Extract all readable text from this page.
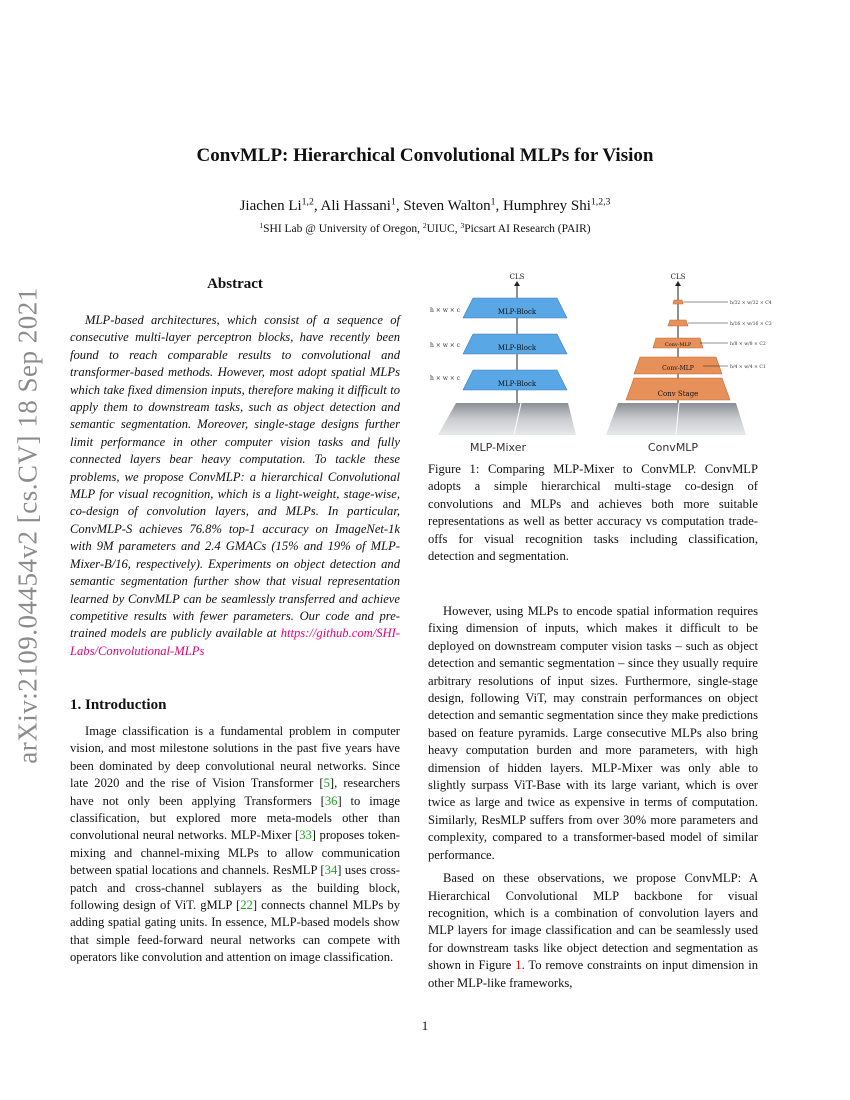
arXiv:2109.04454v2 [cs.CV] 18 Sep 2021
ConvMLP: Hierarchical Convolutional MLPs for Vision
Jiachen Li$^{1,2}$, Ali Hassani$^1$, Steven Walton$^1$, Humphrey Shi$^{1,2,3}$
$^1$SHI Lab @ University of Oregon, $^2$UIUC, $^3$Picsart AI Research (PAIR)
Abstract

MLP-based architectures, which consist of a sequence of consecutive multi-layer perceptron blocks, have recently been found to reach comparable results to convolutional and transformer-based methods. However, most adopt spatial MLPs which take fixed dimension inputs, therefore making it difficult to apply them to downstream tasks, such as object detection and semantic segmentation. Moreover, single-stage designs further limit performance in other computer vision tasks and fully connected layers bear heavy computation. To tackle these problems, we propose ConvMLP: a hierarchical Convolutional MLP for visual recognition, which is a light-weight, stage-wise, co-design of convolution layers, and MLPs. In particular, ConvMLP-S achieves 76.8% top-1 accuracy on ImageNet-1k with 9M parameters and 2.4 GMACs (15% and 19% of MLP-Mixer-B/16, respectively). Experiments on object detection and semantic segmentation further show that visual representation learned by ConvMLP can be seamlessly transferred and achieve competitive results with fewer parameters. Our code and pre-trained models are publicly available at https://github.com/SHI-Labs/Convolutional-MLPs

1. Introduction

Image classification is a fundamental problem in computer vision, and most milestone solutions in the past five years have been dominated by deep convolutional neural networks. Since late 2020 and the rise of Vision Transformer [5], researchers have not only been applying Transformers [36] to image classification, but explored more meta-models other than convolutional neural networks. MLP-Mixer [33] proposes token-mixing and channel-mixing MLPs to allow communication between spatial locations and channels. ResMLP [34] uses cross-patch and cross-channel sublayers as the building block, following design of ViT. gMLP [22] connects channel MLPs by adding spatial gating units. In essence, MLP-based models show that simple feed-forward neural networks can compete with operators like convolution and attention on image classification.

MLP-Block
MLP-Block
MLP-Block
h × w × c
h × w × c
h × w × c
CLS
Conv Stage
Conv-MLP
Conv-MLP
h/4 × w/4 × C1
h/8 × w/8 × C2
h/16 × w/16 × C3
h/32 × w/32 × C4
CLS
MLP-Mixer	ConvMLP

Figure 1: Comparing MLP-Mixer to ConvMLP. ConvMLP adopts a simple hierarchical multi-stage co-design of convolutions and MLPs and achieves both more suitable representations as well as better accuracy vs computation trade-offs for visual recognition tasks including classification, detection and segmentation.

However, using MLPs to encode spatial information requires fixing dimension of inputs, which makes it difficult to be deployed on downstream computer vision tasks – such as object detection and semantic segmentation – since they usually require arbitrary resolutions of input sizes. Furthermore, single-stage design, following ViT, may constrain performances on object detection and semantic segmentation since they make predictions based on feature pyramids. Large consecutive MLPs also bring heavy computation burden and more parameters, with high dimension of hidden layers. MLP-Mixer was only able to slightly surpass ViT-Base with its large variant, which is over twice as large and twice as expensive in terms of computation. Similarly, ResMLP suffers from over 30% more parameters and complexity, compared to a transformer-based model of similar performance.

Based on these observations, we propose ConvMLP: A Hierarchical Convolutional MLP backbone for visual recognition, which is a combination of convolution layers and MLP layers for image classification and can be seamlessly used for downstream tasks like object detection and segmentation as shown in Figure 1. To remove constraints on input dimension in other MLP-like frameworks,

1
